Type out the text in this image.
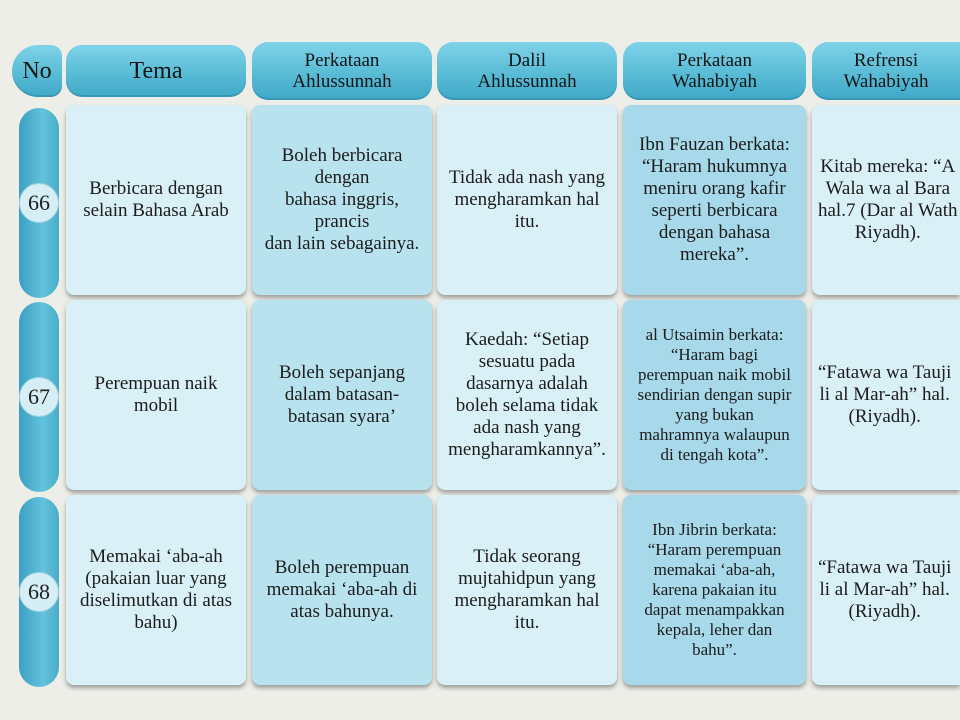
No	Tema	Perkataan
Ahlussunnah
Dalil
Ahlussunnah
Perkataan
Wahabiyah
Refrensi
Wahabiyah
66
Berbicara dengan
selain Bahasa Arab
Boleh berbicara
dengan
bahasa inggris,
prancis
dan lain sebagainya.
Tidak ada nash yang
mengharamkan hal
itu.
Ibn Fauzan berkata:
“Haram hukumnya
meniru orang kafir
seperti berbicara
dengan bahasa
mereka”.
Kitab mereka: “A
Wala wa al Bara
hal.7 (Dar al Wath
Riyadh).
67
Perempuan naik
mobil
Boleh sepanjang
dalam batasan-
batasan syara’
Kaedah: “Setiap
sesuatu pada
dasarnya adalah
boleh selama tidak
ada nash yang
mengharamkannya”.
al Utsaimin berkata:
“Haram bagi
perempuan naik mobil
sendirian dengan supir
yang bukan
mahramnya walaupun
di tengah kota”.
“Fatawa wa Tauji
li al Mar-ah” hal.
(Riyadh).
68
Memakai ‘aba-ah
(pakaian luar yang
diselimutkan di atas
bahu)
Boleh perempuan
memakai ‘aba-ah di
atas bahunya.
Tidak seorang
mujtahidpun yang
mengharamkan hal
itu.
Ibn Jibrin berkata:
“Haram perempuan
memakai ‘aba-ah,
karena pakaian itu
dapat menampakkan
kepala, leher dan
bahu”.
“Fatawa wa Tauji
li al Mar-ah” hal.
(Riyadh).
